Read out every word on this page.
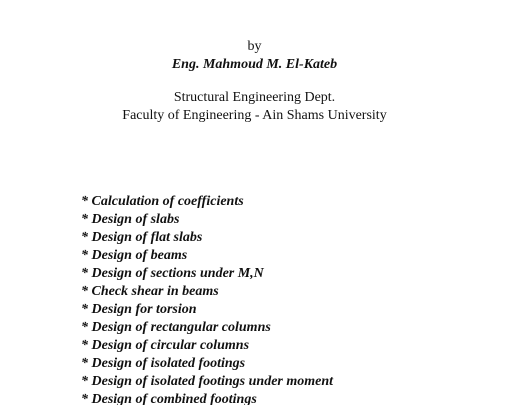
by
Eng. Mahmoud M. El-Kateb
Structural Engineering Dept.
Faculty of Engineering - Ain Shams University
* Calculation of coefficients
* Design of slabs
* Design of flat slabs
* Design of beams
* Design of sections under M,N
* Check shear in beams
* Design for torsion
* Design of rectangular columns
* Design of circular columns
* Design of isolated footings
* Design of isolated footings under moment
* Design of combined footings
